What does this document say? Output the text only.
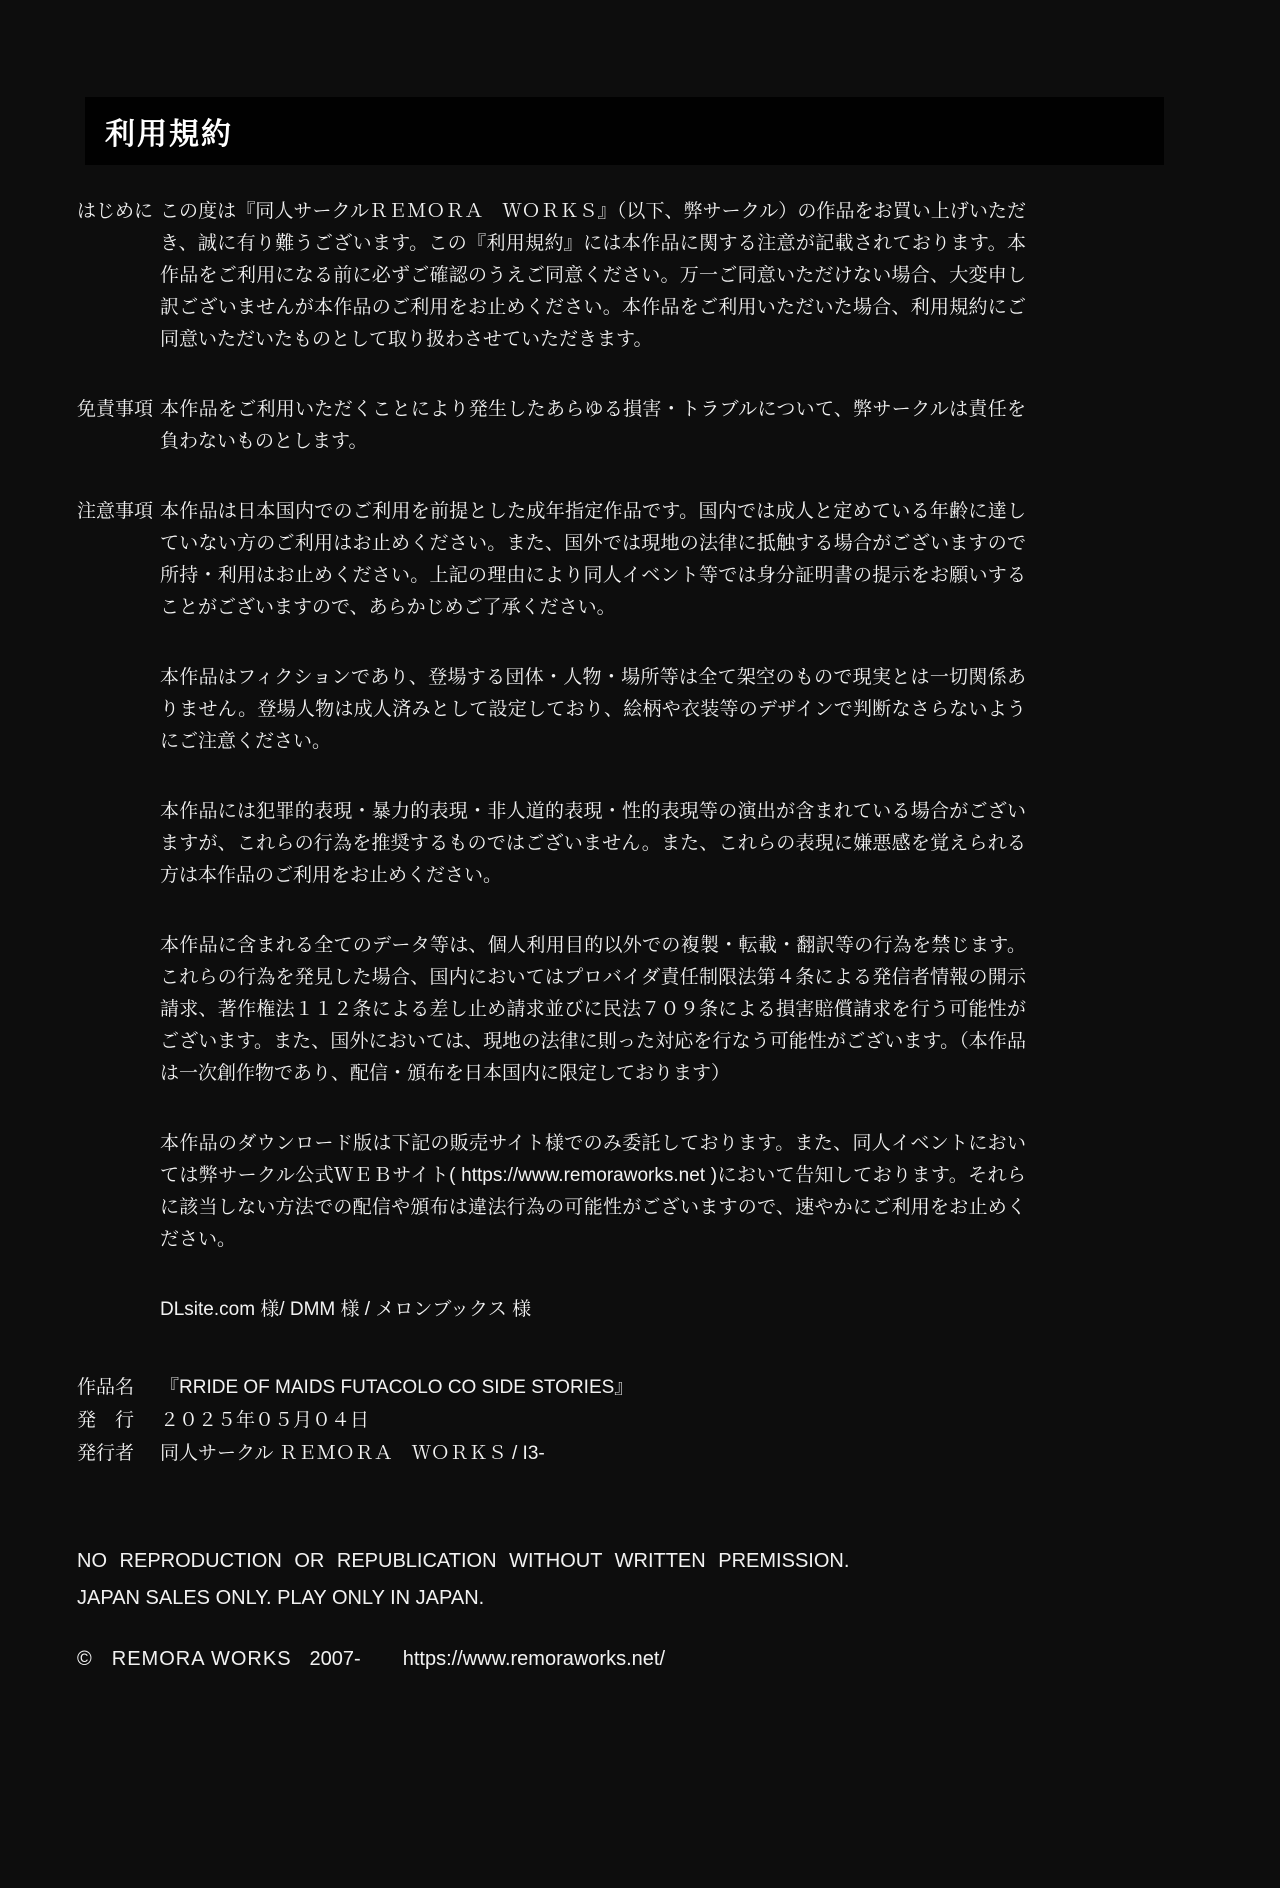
利用規約
はじめに この度は『同人サークルＲＥＭＯＲＡ　ＷＯＲＫＳ』（以下、弊サークル）の作品をお買い上げいただき、誠に有り難うございます。この『利用規約』には本作品に関する注意が記載されております。本作品をご利用になる前に必ずご確認のうえご同意ください。万一ご同意いただけない場合、大変申し訳ございませんが本作品のご利用をお止めください。本作品をご利用いただいた場合、利用規約にご同意いただいたものとして取り扱わさせていただきます。

免責事項 本作品をご利用いただくことにより発生したあらゆる損害・トラブルについて、弊サークルは責任を負わないものとします。

注意事項 本作品は日本国内でのご利用を前提とした成年指定作品です。国内では成人と定めている年齢に達していない方のご利用はお止めください。また、国外では現地の法律に抵触する場合がございますので所持・利用はお止めください。上記の理由により同人イベント等では身分証明書の提示をお願いすることがございますので、あらかじめご了承ください。

本作品はフィクションであり、登場する団体・人物・場所等は全て架空のもので現実とは一切関係ありません。登場人物は成人済みとして設定しており、絵柄や衣装等のデザインで判断なさらないようにご注意ください。

本作品には犯罪的表現・暴力的表現・非人道的表現・性的表現等の演出が含まれている場合がございますが、これらの行為を推奨するものではございません。また、これらの表現に嫌悪感を覚えられる方は本作品のご利用をお止めください。

本作品に含まれる全てのデータ等は、個人利用目的以外での複製・転載・翻訳等の行為を禁じます。これらの行為を発見した場合、国内においてはプロバイダ責任制限法第４条による発信者情報の開示請求、著作権法１１２条による差し止め請求並びに民法７０９条による損害賠償請求を行う可能性がございます。また、国外においては、現地の法律に則った対応を行なう可能性がございます。（本作品は一次創作物であり、配信・頒布を日本国内に限定しております）

本作品のダウンロード版は下記の販売サイト様でのみ委託しております。また、同人イベントにおいては弊サークル公式ＷＥＢサイト( https://www.remoraworks.net )において告知しております。それらに該当しない方法での配信や頒布は違法行為の可能性がございますので、速やかにご利用をお止めください。

DLsite.com 様/ DMM 様 / メロンブックス 様

作品名	『RRIDE OF MAIDS FUTACOLO CO SIDE STORIES』
発　行	２０２５年０５月０４日
発行者	同人サークル ＲＥＭＯＲＡ　ＷＯＲＫＳ / I3-

NO REPRODUCTION OR REPUBLICATION WITHOUT WRITTEN PREMISSION.

JAPAN SALES ONLY. PLAY ONLY IN JAPAN.

© REMORA WORKS 2007- https://www.remoraworks.net/
